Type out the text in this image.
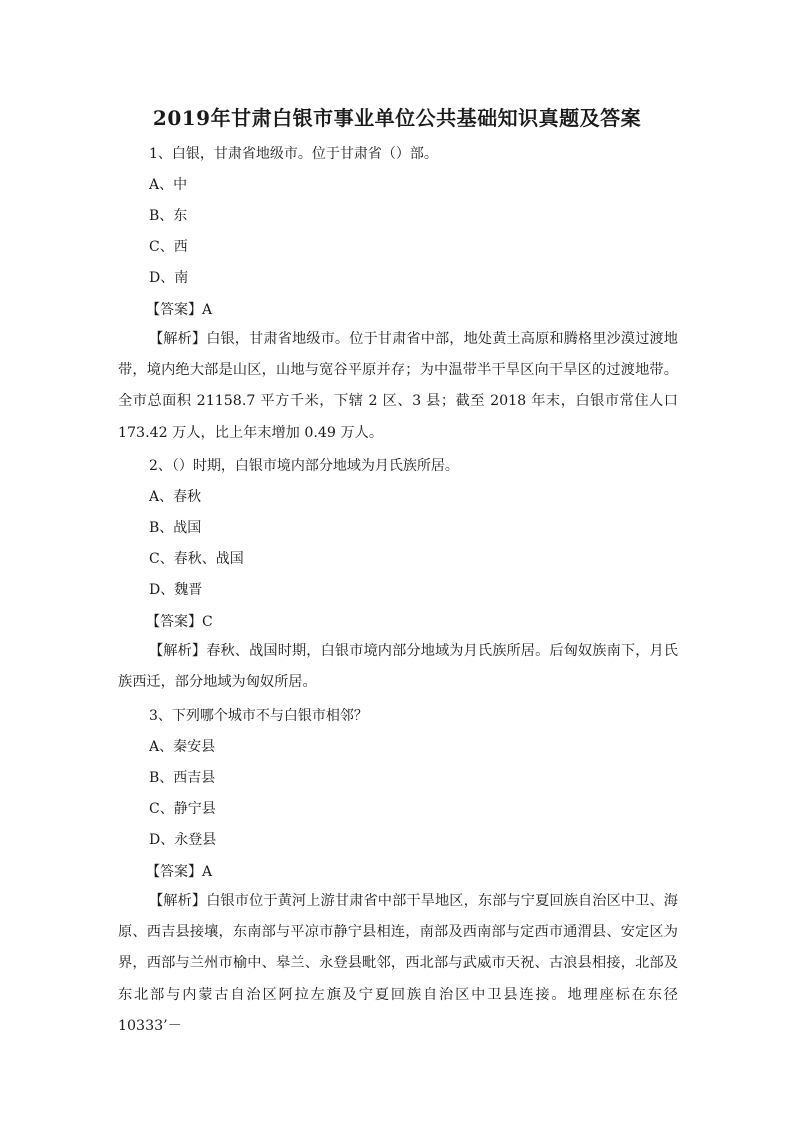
2019年甘肃白银市事业单位公共基础知识真题及答案
1、白银，甘肃省地级市。位于甘肃省（）部。
A、中
B、东
C、西
D、南
【答案】A

【解析】白银，甘肃省地级市。位于甘肃省中部，地处黄土高原和腾格里沙漠过渡地带，境内绝大部是山区，山地与宽谷平原并存；为中温带半干旱区向干旱区的过渡地带。全市总面积 21158.7 平方千米，下辖 2 区、3 县；截至 2018 年末，白银市常住人口 173.42 万人，比上年末增加 0.49 万人。

2、（）时期，白银市境内部分地域为月氏族所居。
A、春秋
B、战国
C、春秋、战国
D、魏晋
【答案】C

【解析】春秋、战国时期，白银市境内部分地域为月氏族所居。后匈奴族南下，月氏族西迁，部分地域为匈奴所居。

3、下列哪个城市不与白银市相邻？
A、秦安县
B、西吉县
C、静宁县
D、永登县
【答案】A

【解析】白银市位于黄河上游甘肃省中部干旱地区，东部与宁夏回族自治区中卫、海原、西吉县接壤，东南部与平凉市静宁县相连，南部及西南部与定西市通渭县、安定区为界，西部与兰州市榆中、皋兰、永登县毗邻，西北部与武威市天祝、古浪县相接，北部及东北部与内蒙古自治区阿拉左旗及宁夏回族自治区中卫县连接。地理座标在东径 10333’－
